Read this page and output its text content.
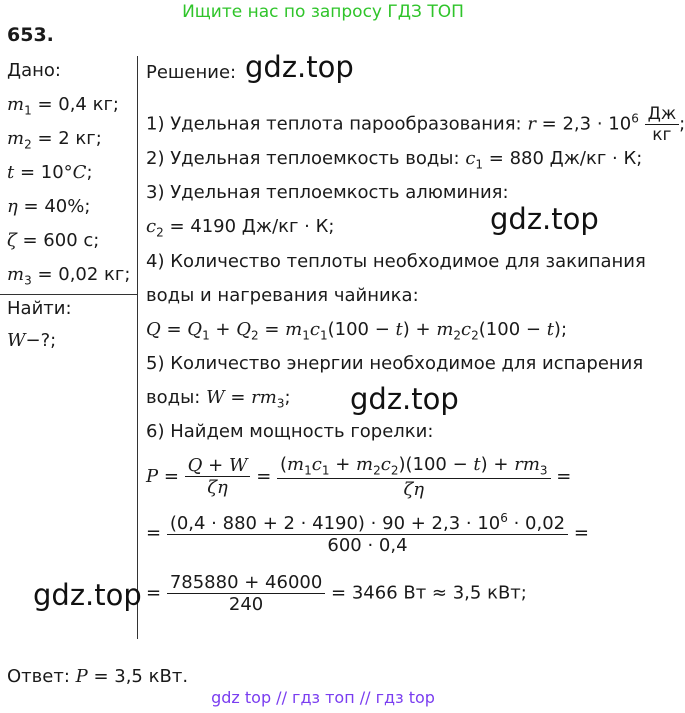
Ищите нас по запросу ГДЗ ТОП
653.
Дано:
$m_1 = 0,4$ кг;
$m_2 = 2$ кг;
t = 10°C;
η = 40%;
ζ = 600 с;
$m_3 = 0,02$ кг;
Найти:
W−?;
Решение: gdz.top
1) Удельная теплота парообразования: $r = 2,3 \cdot 10^6 \frac{Дж}{кг}$ ;
2) Удельная теплоемкость воды: $c_1 = 880$ Дж/кг · К;
3) Удельная теплоемкость алюминия:
$c_2 = 4190$ Дж/кг · К;	gdz.top
4) Количество теплоты необходимое для закипания
воды и нагревания чайника:
$Q = Q_1 + Q_2 = m_1c_1(100 - t) + m_2c_2(100 - t)$;
5) Количество энергии необходимое для испарения
воды: $W = rm_3$; gdz.top
6) Найдем мощность горелки:
$P = \frac{Q + W}{\zeta\eta} = \frac{(m_1c_1 + m_2c_2)(100 - t) + rm_3}{\zeta\eta}$ =
= $\frac{(0,4 \cdot 880 + 2 \cdot 4190) \cdot 90 + 2,3 \cdot 10^6 \cdot 0,02}{600 \cdot 0,4}$ =
= $\frac{785880 + 46000}{240} = 3466$ Вт ≈ 3,5 кВт;
gdz.top
Ответ: P = 3,5 кВт.
gdz top // гдз топ // гдз top
